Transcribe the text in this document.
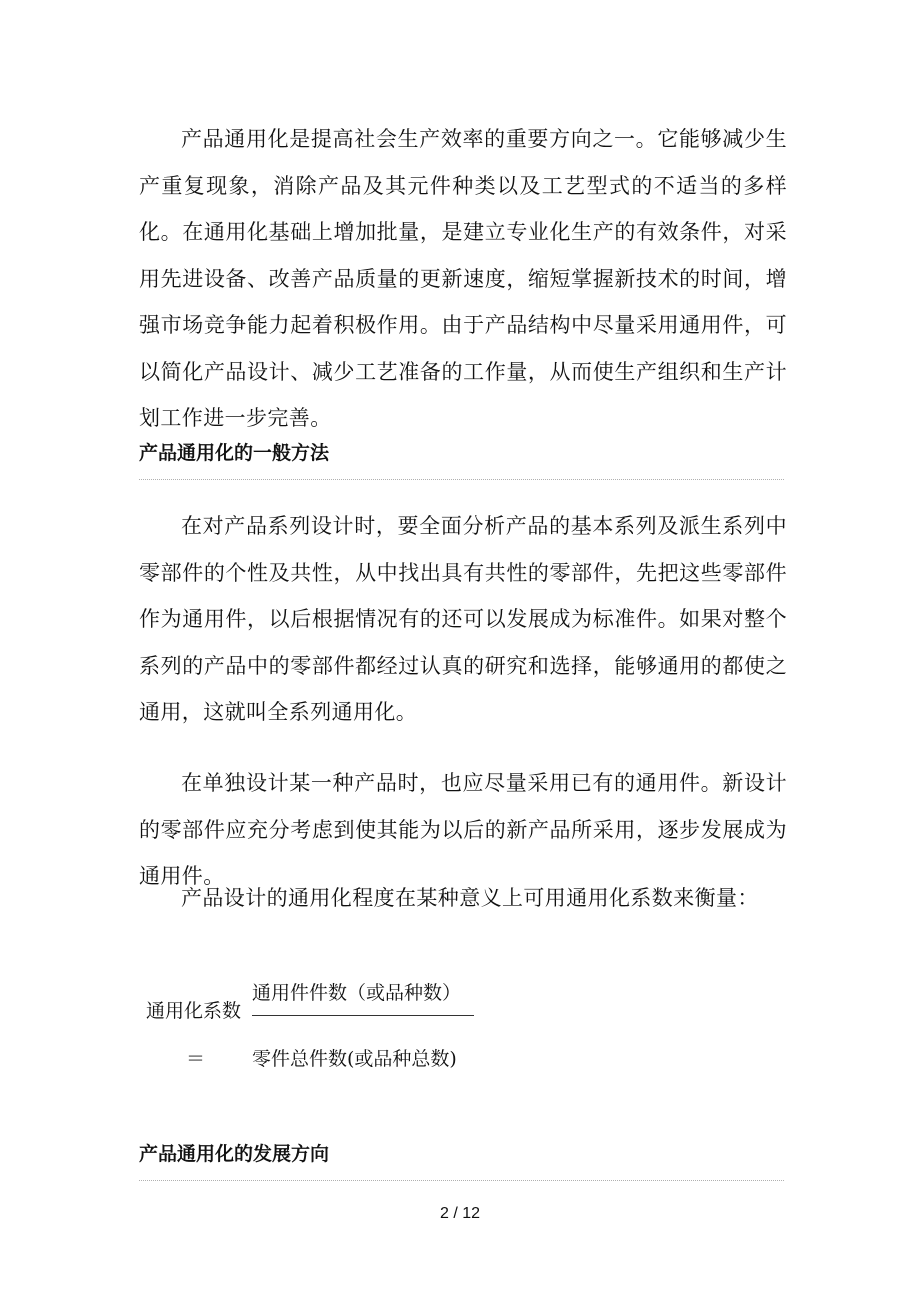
产品通用化是提高社会生产效率的重要方向之一。它能够减少生产重复现象，消除产品及其元件种类以及工艺型式的不适当的多样化。在通用化基础上增加批量，是建立专业化生产的有效条件，对采用先进设备、改善产品质量的更新速度，缩短掌握新技术的时间，增强市场竞争能力起着积极作用。由于产品结构中尽量采用通用件，可以简化产品设计、减少工艺准备的工作量，从而使生产组织和生产计划工作进一步完善。

产品通用化的一般方法

在对产品系列设计时，要全面分析产品的基本系列及派生系列中零部件的个性及共性，从中找出具有共性的零部件，先把这些零部件作为通用件，以后根据情况有的还可以发展成为标准件。如果对整个系列的产品中的零部件都经过认真的研究和选择，能够通用的都使之通用，这就叫全系列通用化。

在单独设计某一种产品时，也应尽量采用已有的通用件。新设计的零部件应充分考虑到使其能为以后的新产品所采用，逐步发展成为通用件。

产品设计的通用化程度在某种意义上可用通用化系数来衡量：

通用件件数（或品种数）
通用化系数
＝ 零件总件数(或品种总数)
产品通用化的发展方向
2 / 12
